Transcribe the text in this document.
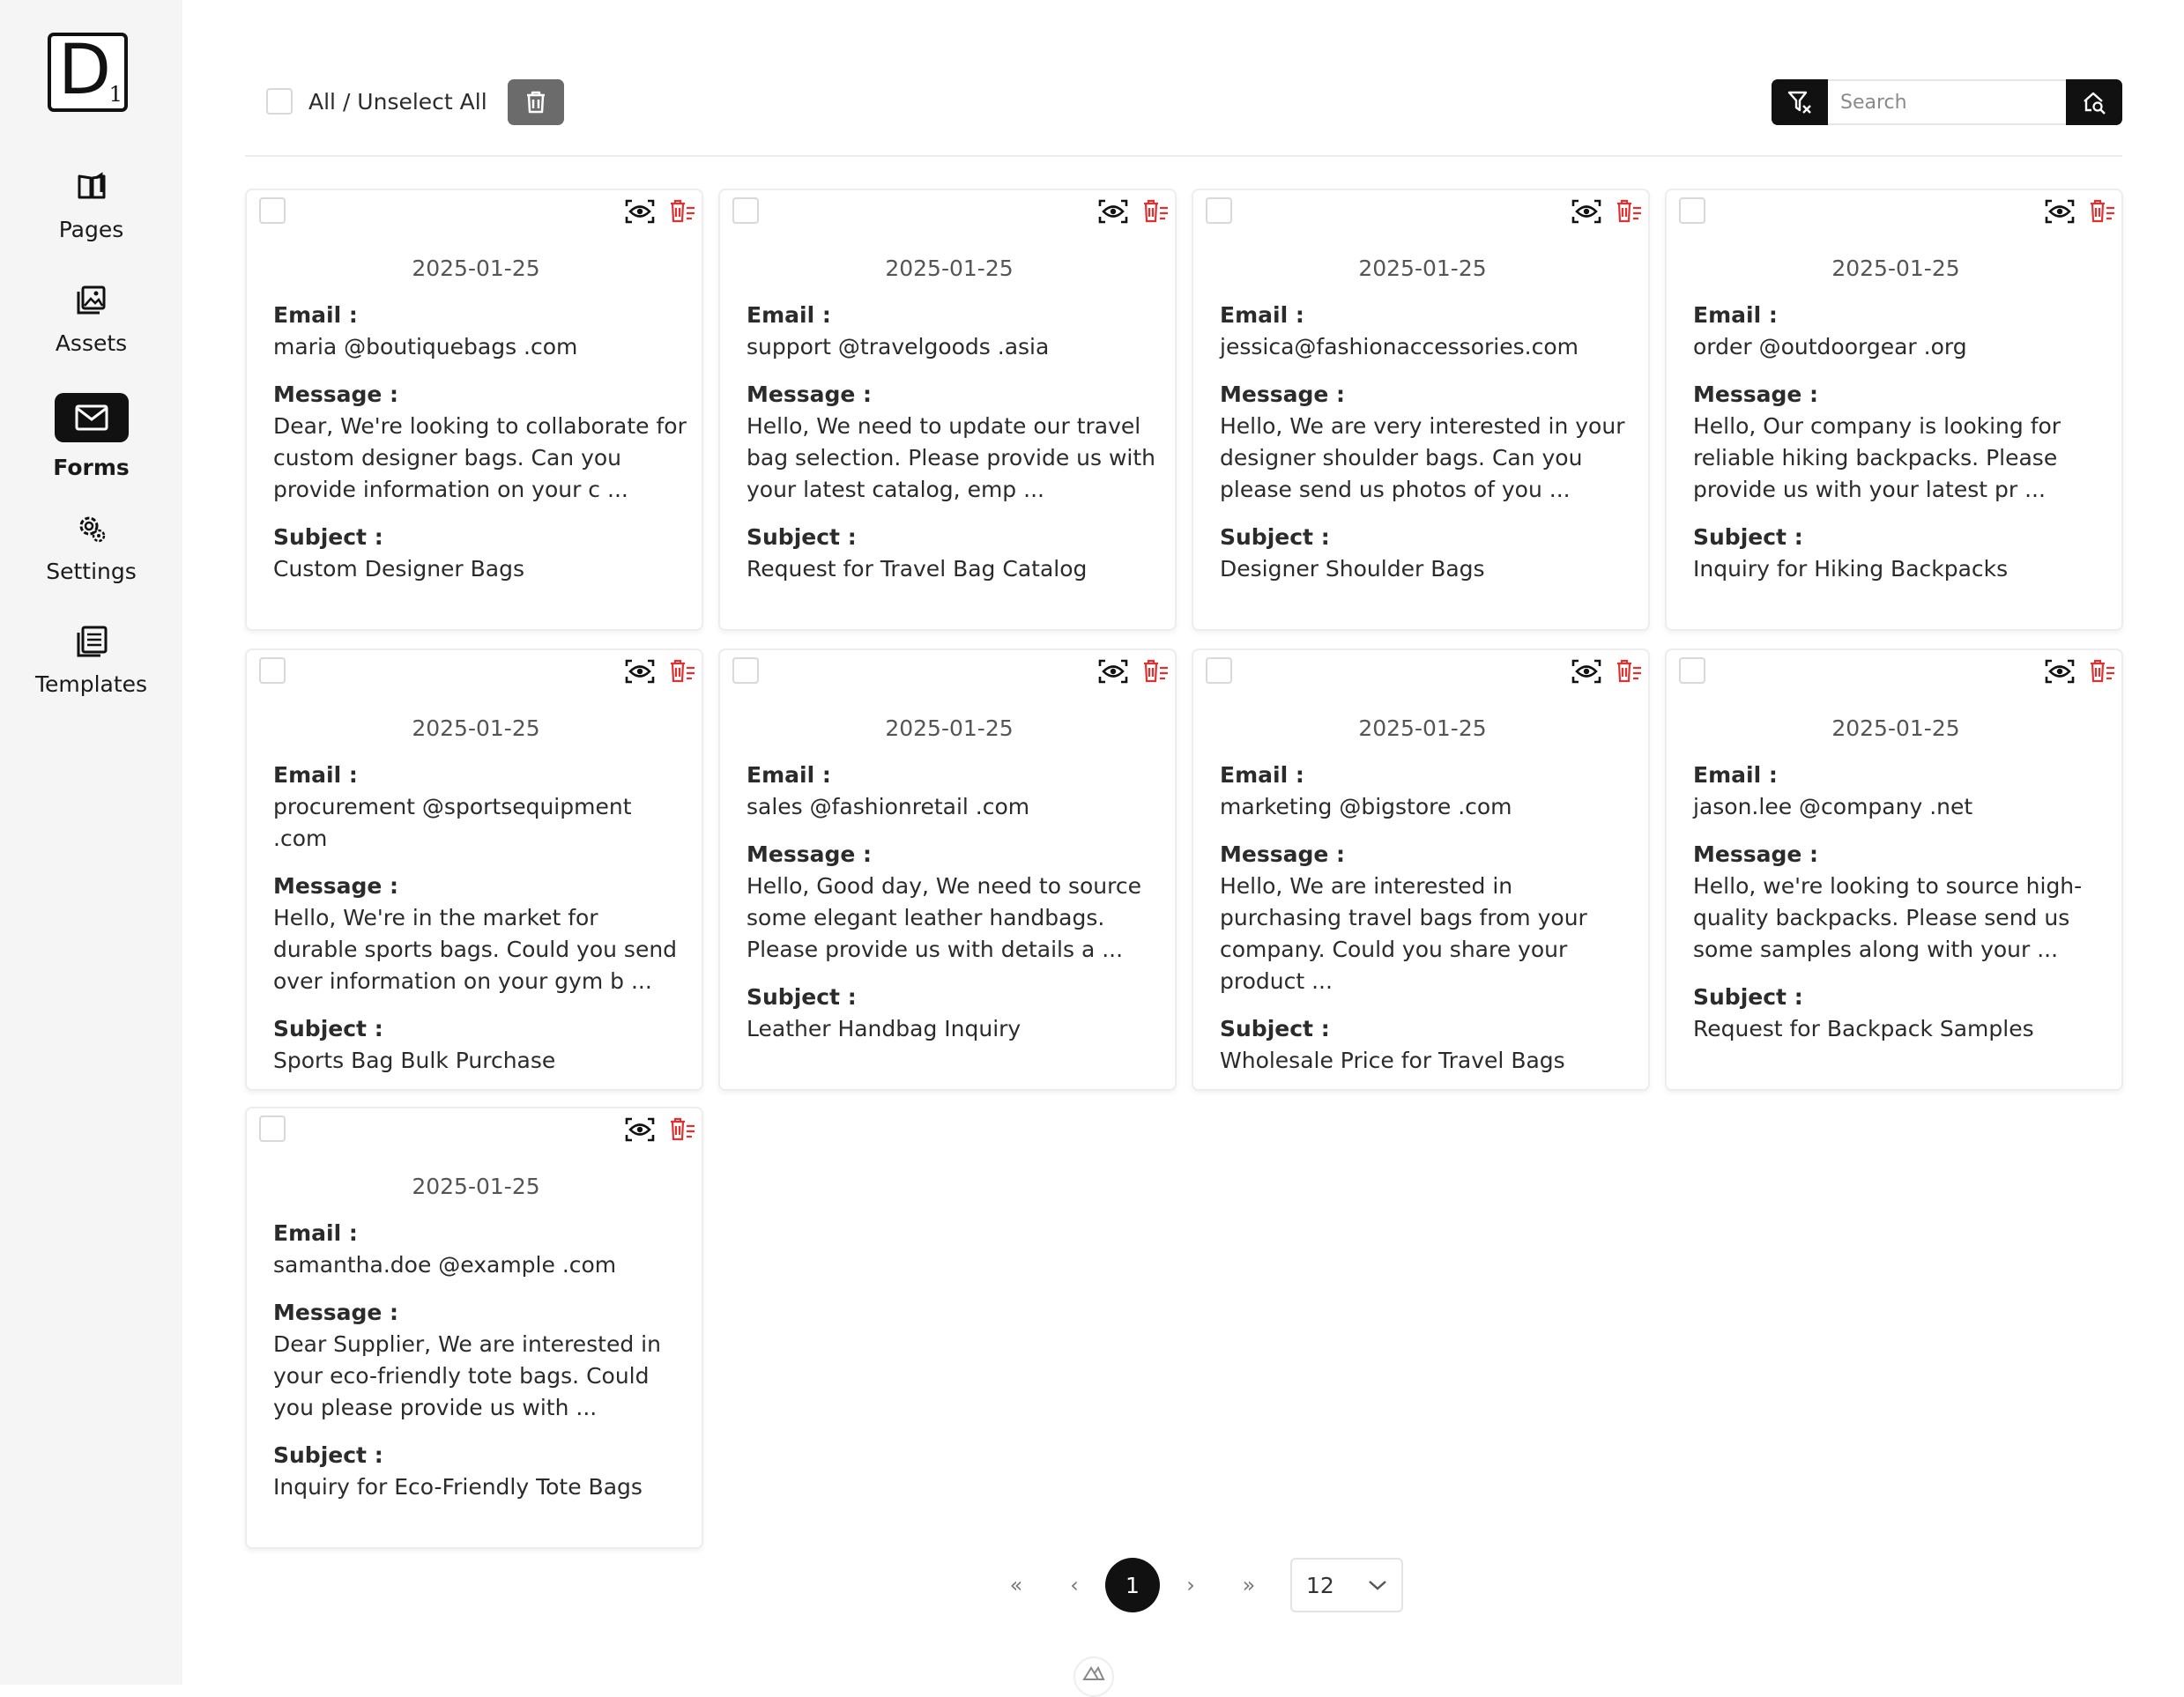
D
1
Pages
Assets
Forms
Settings
Templates
All / Unselect All
Search
2025-01-25
Email :
maria @boutiquebags .com
Message :
Dear, We're looking to collaborate for custom designer bags. Can you provide information on your c ...
Subject :
Custom Designer Bags
2025-01-25
Email :
support @travelgoods .asia
Message :
Hello, We need to update our travel bag selection. Please provide us with your latest catalog, emp ...
Subject :
Request for Travel Bag Catalog
2025-01-25
Email :
jessica@fashionaccessories.com
Message :
Hello, We are very interested in your designer shoulder bags. Can you please send us photos of you ...
Subject :
Designer Shoulder Bags
2025-01-25
Email :
order @outdoorgear .org
Message :
Hello, Our company is looking for reliable hiking backpacks. Please provide us with your latest pr ...
Subject :
Inquiry for Hiking Backpacks
2025-01-25
Email :
procurement @sportsequipment .com
Message :
Hello, We're in the market for durable sports bags. Could you send over information on your gym b ...
Subject :
Sports Bag Bulk Purchase
2025-01-25
Email :
sales @fashionretail .com
Message :
Hello, Good day, We need to source some elegant leather handbags. Please provide us with details a ...
Subject :
Leather Handbag Inquiry
2025-01-25
Email :
marketing @bigstore .com
Message :
Hello, We are interested in purchasing travel bags from your company. Could you share your product ...
Subject :
Wholesale Price for Travel Bags
2025-01-25
Email :
jason.lee @company .net
Message :
Hello, we're looking to source high-quality backpacks. Please send us some samples along with your ...
Subject :
Request for Backpack Samples
2025-01-25
Email :
samantha.doe @example .com
Message :
Dear Supplier, We are interested in your eco-friendly tote bags. Could you please provide us with ...
Subject :
Inquiry for Eco-Friendly Tote Bags
«	‹	1	›	»	12
